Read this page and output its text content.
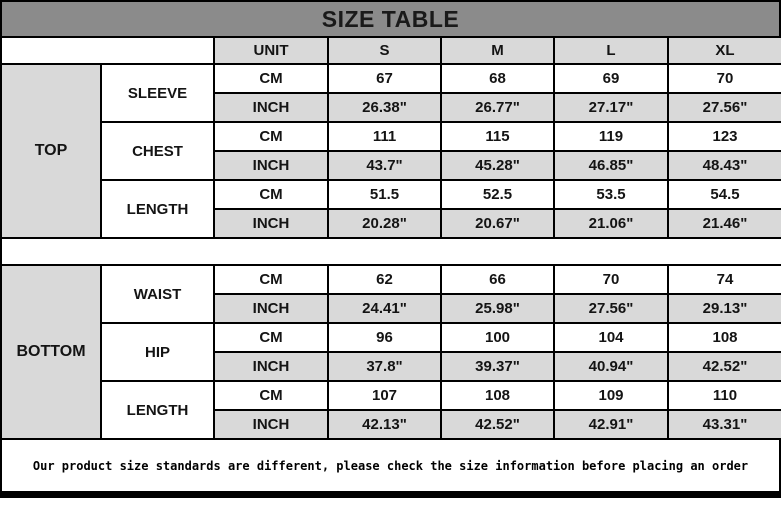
SIZE TABLE
		UNIT	S	M	L	XL
TOP	SLEEVE	CM	67	68	69	70
		INCH	26.38"	26.77"	27.17"	27.56"
	CHEST	CM	111	115	119	123
		INCH	43.7"	45.28"	46.85"	48.43"
	LENGTH	CM	51.5	52.5	53.5	54.5
		INCH	20.28"	20.67"	21.06"	21.46"

BOTTOM	WAIST	CM	62	66	70	74
		INCH	24.41"	25.98"	27.56"	29.13"
	HIP	CM	96	100	104	108
		INCH	37.8"	39.37"	40.94"	42.52"
	LENGTH	CM	107	108	109	110
		INCH	42.13"	42.52"	42.91"	43.31"
Our product size standards are different, please check the size information before placing an order
